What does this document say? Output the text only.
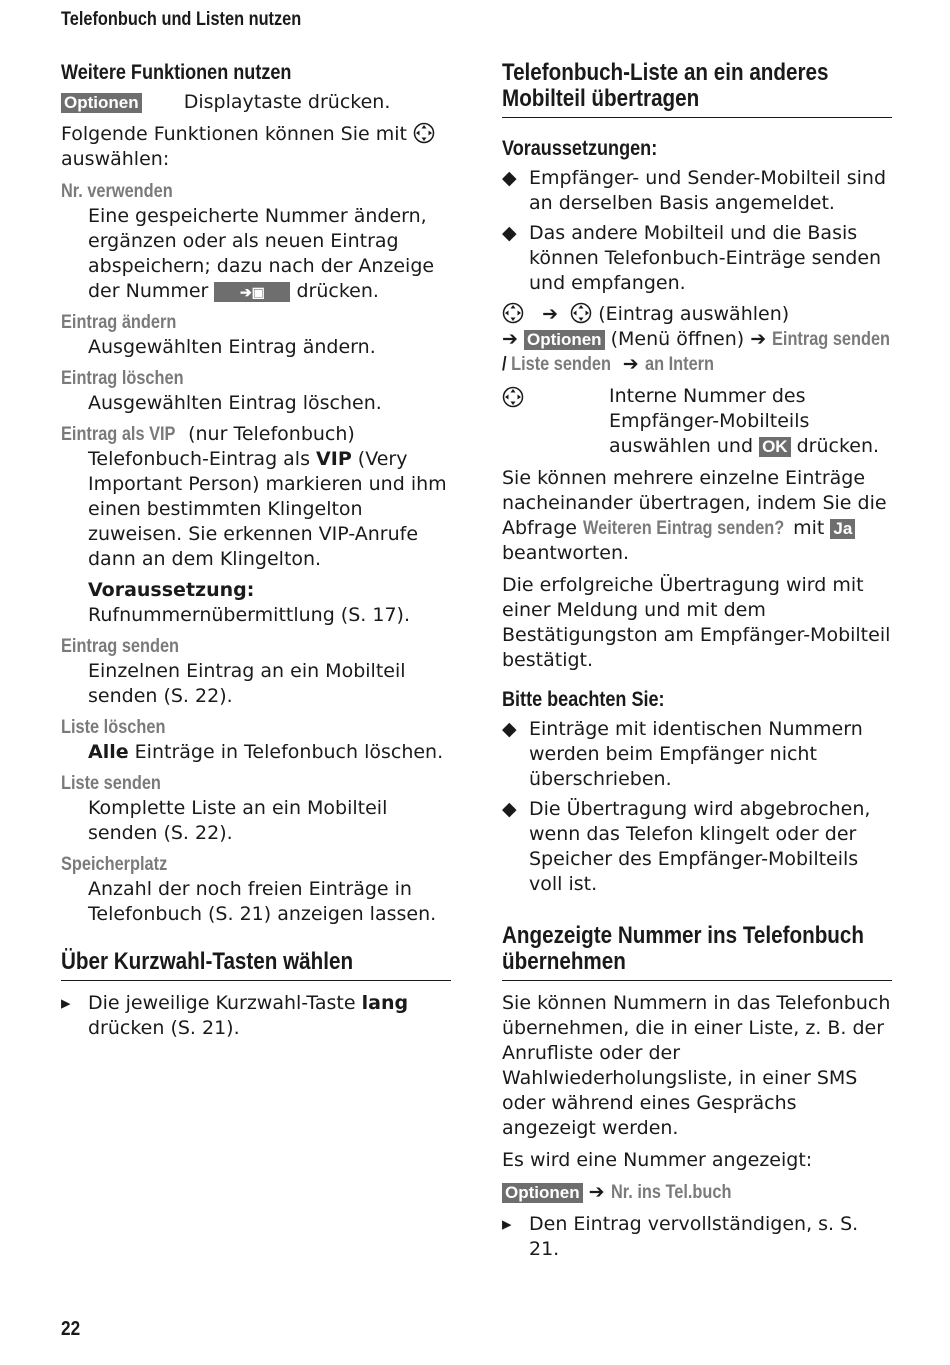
Telefonbuch und Listen nutzen
Weitere Funktionen nutzen
Optionen Displaytaste drücken.
Folgende Funktionen können Sie mit
auswählen:
Nr. verwenden
Eine gespeicherte Nummer ändern, ergänzen oder als neuen Eintrag abspeichern; dazu nach der Anzeige der Nummer ➔▣ drücken.
Eintrag ändern
Ausgewählten Eintrag ändern.
Eintrag löschen
Ausgewählten Eintrag löschen.
Eintrag als VIP (nur Telefonbuch)
Telefonbuch-Eintrag als VIP (Very Important Person) markieren und ihm einen bestimmten Klingelton zuweisen. Sie erkennen VIP-Anrufe dann an dem Klingelton.
Voraussetzung: Rufnummernübermittlung (S. 17).
Eintrag senden
Einzelnen Eintrag an ein Mobilteil senden (S. 22).
Liste löschen
Alle Einträge in Telefonbuch löschen.
Liste senden
Komplette Liste an ein Mobilteil senden (S. 22).
Speicherplatz
Anzahl der noch freien Einträge in Telefonbuch (S. 21) anzeigen lassen.
Über Kurzwahl-Tasten wählen
▸ Die jeweilige Kurzwahl-Taste lang drücken (S. 21).
Telefonbuch-Liste an ein anderes
Mobilteil übertragen
Voraussetzungen:
◆ Empfänger- und Sender-Mobilteil sind an derselben Basis angemeldet.
◆ Das andere Mobilteil und die Basis können Telefonbuch-Einträge senden und empfangen.
➔ (Eintrag auswählen)
➔ Optionen (Menü öffnen) ➔ Eintrag senden
/ Liste senden ➔ an Intern
Interne Nummer des Empfänger-Mobilteils auswählen und OK drücken.
Sie können mehrere einzelne Einträge nacheinander übertragen, indem Sie die Abfrage Weiteren Eintrag senden? mit Ja beantworten.
Die erfolgreiche Übertragung wird mit einer Meldung und mit dem Bestätigungston am Empfänger-Mobilteil bestätigt.
Bitte beachten Sie:
◆ Einträge mit identischen Nummern werden beim Empfänger nicht überschrieben.
◆ Die Übertragung wird abgebrochen, wenn das Telefon klingelt oder der Speicher des Empfänger-Mobilteils voll ist.
Angezeigte Nummer ins Telefonbuch
übernehmen
Sie können Nummern in das Telefonbuch übernehmen, die in einer Liste, z. B. der Anrufliste oder der Wahlwiederholungsliste, in einer SMS oder während eines Gesprächs angezeigt werden.
Es wird eine Nummer angezeigt:
Optionen ➔ Nr. ins Tel.buch
▸ Den Eintrag vervollständigen, s. S. 21.
22
